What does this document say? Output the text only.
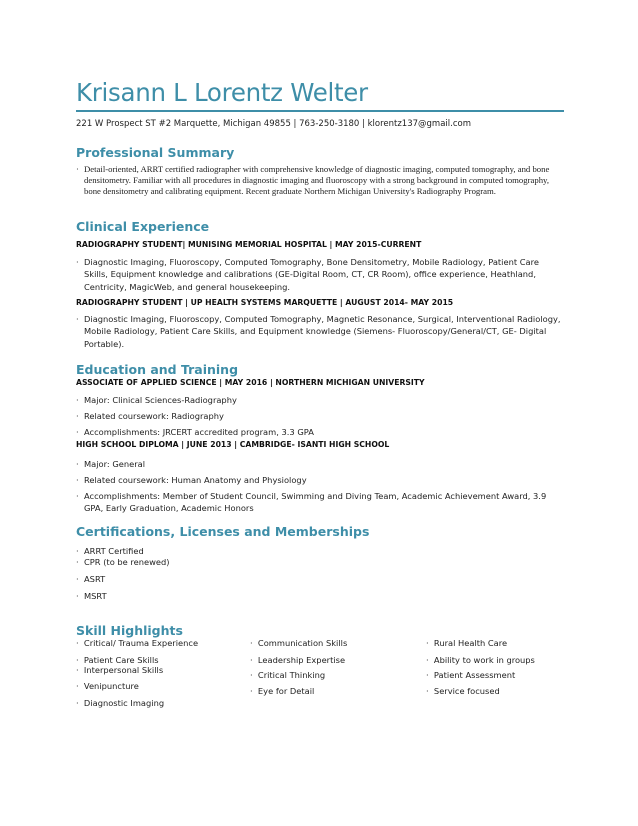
Krisann L Lorentz Welter
221 W Prospect ST #2 Marquette, Michigan 49855 | 763-250-3180 | klorentz137@gmail.com
Professional Summary
· Detail-oriented, ARRT certified radiographer with comprehensive knowledge of diagnostic imaging, computed tomography, and bone densitometry. Familiar with all procedures in diagnostic imaging and fluoroscopy with a strong background in computed tomography, bone densitometry and calibrating equipment. Recent graduate Northern Michigan University's Radiography Program.
Clinical Experience
RADIOGRAPHY STUDENT| MUNISING MEMORIAL HOSPITAL | MAY 2015-CURRENT
· Diagnostic Imaging, Fluoroscopy, Computed Tomography, Bone Densitometry, Mobile Radiology, Patient Care Skills, Equipment knowledge and calibrations (GE-Digital Room, CT, CR Room), office experience, Heathland, Centricity, MagicWeb, and general housekeeping.
RADIOGRAPHY STUDENT | UP HEALTH SYSTEMS MARQUETTE | AUGUST 2014- MAY 2015
· Diagnostic Imaging, Fluoroscopy, Computed Tomography, Magnetic Resonance, Surgical, Interventional Radiology, Mobile Radiology, Patient Care Skills, and Equipment knowledge (Siemens- Fluoroscopy/General/CT, GE- Digital Portable).
Education and Training
ASSOCIATE OF APPLIED SCIENCE | MAY 2016 | NORTHERN MICHIGAN UNIVERSITY
· Major: Clinical Sciences-Radiography
· Related coursework: Radiography
· Accomplishments: JRCERT accredited program, 3.3 GPA
HIGH SCHOOL DIPLOMA | JUNE 2013 | CAMBRIDGE- ISANTI HIGH SCHOOL
· Major: General
· Related coursework: Human Anatomy and Physiology
· Accomplishments: Member of Student Council, Swimming and Diving Team, Academic Achievement Award, 3.9 GPA, Early Graduation, Academic Honors
Certifications, Licenses and Memberships
· ARRT Certified
· CPR (to be renewed)
· ASRT
· MSRT
Skill Highlights
· Critical/ Trauma Experience
· Patient Care Skills
· Interpersonal Skills
· Venipuncture
· Diagnostic Imaging
· Communication Skills
· Leadership Expertise
· Critical Thinking
· Eye for Detail
· Rural Health Care
· Ability to work in groups
· Patient Assessment
· Service focused
